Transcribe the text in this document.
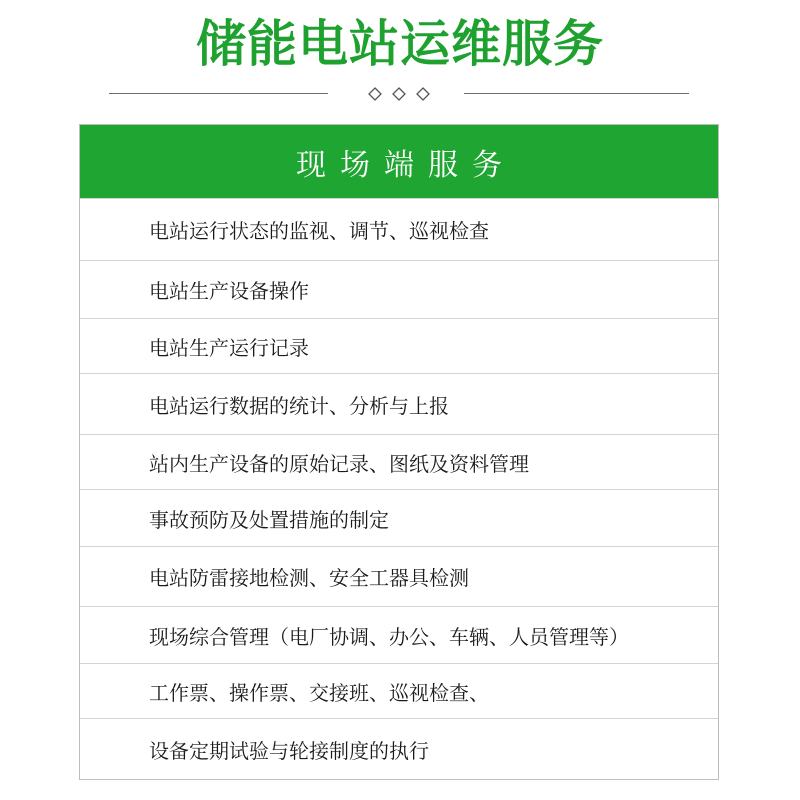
储能电站运维服务
现场端服务
电站运行状态的监视、调节、巡视检查
电站生产设备操作
电站生产运行记录
电站运行数据的统计、分析与上报
站内生产设备的原始记录、图纸及资料管理
事故预防及处置措施的制定
电站防雷接地检测、安全工器具检测
现场综合管理（电厂协调、办公、车辆、人员管理等）
工作票、操作票、交接班、巡视检查、
设备定期试验与轮接制度的执行
